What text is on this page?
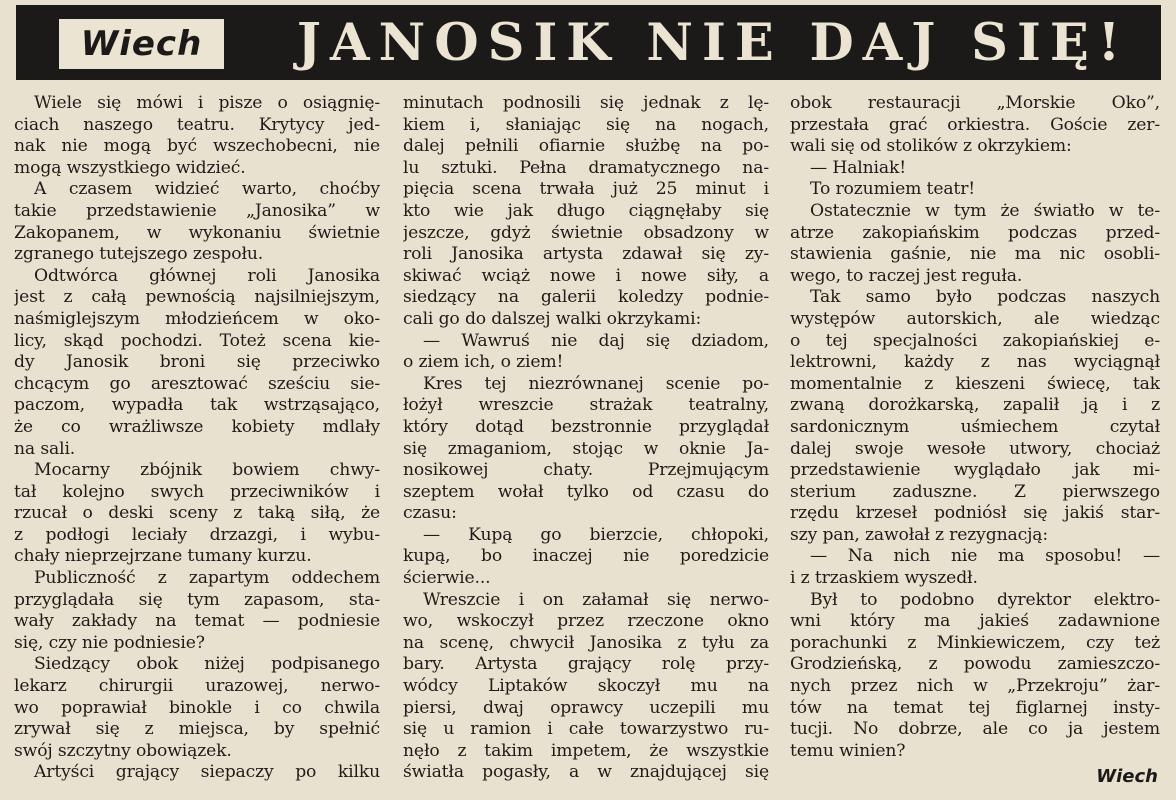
Wiech	JANOSIK NIE DAJ SIĘ!
Wiele się mówi i pisze o osiągnię-
ciach naszego teatru. Krytycy jed-
nak nie mogą być wszechobecni, nie
mogą wszystkiego widzieć.
A czasem widzieć warto, choćby
takie przedstawienie „Janosika” w
Zakopanem, w wykonaniu świetnie
zgranego tutejszego zespołu.
Odtwórca głównej roli Janosika
jest z całą pewnością najsilniejszym,
naśmiglejszym młodzieńcem w oko-
licy, skąd pochodzi. Toteż scena kie-
dy Janosik broni się przeciwko
chcącym go aresztować sześciu sie-
paczom, wypadła tak wstrząsająco,
że co wrażliwsze kobiety mdlały
na sali.
Mocarny zbójnik bowiem chwy-
tał kolejno swych przeciwników i
rzucał o deski sceny z taką siłą, że
z podłogi leciały drzazgi, i wybu-
chały nieprzejrzane tumany kurzu.
Publiczność z zapartym oddechem
przyglądała się tym zapasom, sta-
wały zakłady na temat — podniesie
się, czy nie podniesie?
Siedzący obok niżej podpisanego
lekarz chirurgii urazowej, nerwo-
wo poprawiał binokle i co chwila
zrywał się z miejsca, by spełnić
swój szczytny obowiązek.
Artyści grający siepaczy po kilku
minutach podnosili się jednak z lę-
kiem i, słaniając się na nogach,
dalej pełnili ofiarnie służbę na po-
lu sztuki. Pełna dramatycznego na-
pięcia scena trwała już 25 minut i
kto wie jak długo ciągnęłaby się
jeszcze, gdyż świetnie obsadzony w
roli Janosika artysta zdawał się zy-
skiwać wciąż nowe i nowe siły, a
siedzący na galerii koledzy podnie-
cali go do dalszej walki okrzykami:
— Wawruś nie daj się dziadom,
o ziem ich, o ziem!
Kres tej niezrównanej scenie po-
łożył wreszcie strażak teatralny,
który dotąd bezstronnie przyglądał
się zmaganiom, stojąc w oknie Ja-
nosikowej chaty. Przejmującym
szeptem wołał tylko od czasu do
czasu:
— Kupą go bierzcie, chłopoki,
kupą, bo inaczej nie poredzicie
ścierwie...
Wreszcie i on załamał się nerwo-
wo, wskoczył przez rzeczone okno
na scenę, chwycił Janosika z tyłu za
bary. Artysta grający rolę przy-
wódcy Liptaków skoczył mu na
piersi, dwaj oprawcy uczepili mu
się u ramion i całe towarzystwo ru-
nęło z takim impetem, że wszystkie
światła pogasły, a w znajdującej się
obok restauracji „Morskie Oko”,
przestała grać orkiestra. Goście zer-
wali się od stolików z okrzykiem:
— Halniak!
To rozumiem teatr!
Ostatecznie w tym że światło w te-
atrze zakopiańskim podczas przed-
stawienia gaśnie, nie ma nic osobli-
wego, to raczej jest reguła.
Tak samo było podczas naszych
występów autorskich, ale wiedząc
o tej specjalności zakopiańskiej e-
lektrowni, każdy z nas wyciągnął
momentalnie z kieszeni świecę, tak
zwaną dorożkarską, zapalił ją i z
sardonicznym uśmiechem czytał
dalej swoje wesołe utwory, chociaż
przedstawienie wyglądało jak mi-
sterium zaduszne. Z pierwszego
rzędu krzeseł podniósł się jakiś star-
szy pan, zawołał z rezygnacją:
— Na nich nie ma sposobu! —
i z trzaskiem wyszedł.
Był to podobno dyrektor elektro-
wni który ma jakieś zadawnione
porachunki z Minkiewiczem, czy też
Grodzieńską, z powodu zamieszczo-
nych przez nich w „Przekroju” żar-
tów na temat tej figlarnej insty-
tucji. No dobrze, ale co ja jestem
temu winien?
Wiech
